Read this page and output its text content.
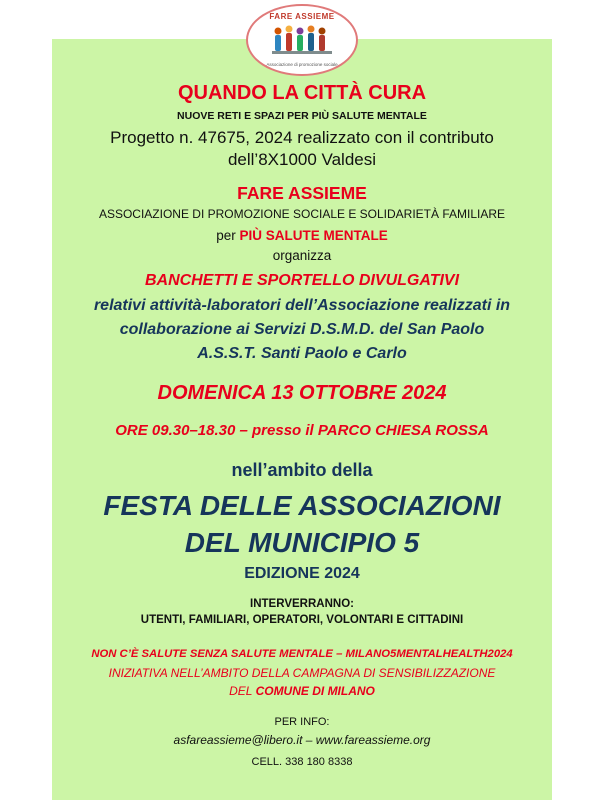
FARE ASSIEME
Associazione di promozione sociale
QUANDO LA CITTÀ CURA
NUOVE RETI E SPAZI PER PIÙ SALUTE MENTALE
Progetto n. 47675, 2024 realizzato con il contributo
dell’8X1000 Valdesi
FARE ASSIEME
ASSOCIAZIONE DI PROMOZIONE SOCIALE E SOLIDARIETÀ FAMILIARE
per PIÙ SALUTE MENTALE
organizza
BANCHETTI E SPORTELLO DIVULGATIVI
relativi attività-laboratori dell’Associazione realizzati in
collaborazione ai Servizi D.S.M.D. del San Paolo
A.S.S.T. Santi Paolo e Carlo
DOMENICA 13 OTTOBRE 2024
ORE 09.30–18.30 – presso il PARCO CHIESA ROSSA
nell’ambito della
FESTA DELLE ASSOCIAZIONI
DEL MUNICIPIO 5
EDIZIONE 2024
INTERVERRANNO:
UTENTI, FAMILIARI, OPERATORI, VOLONTARI E CITTADINI
NON C’È SALUTE SENZA SALUTE MENTALE – MILANO5MENTALHEALTH2024
INIZIATIVA NELL’AMBITO DELLA CAMPAGNA DI SENSIBILIZZAZIONE
DEL COMUNE DI MILANO
PER INFO:
asfareassieme@libero.it – www.fareassieme.org
CELL. 338 180 8338
